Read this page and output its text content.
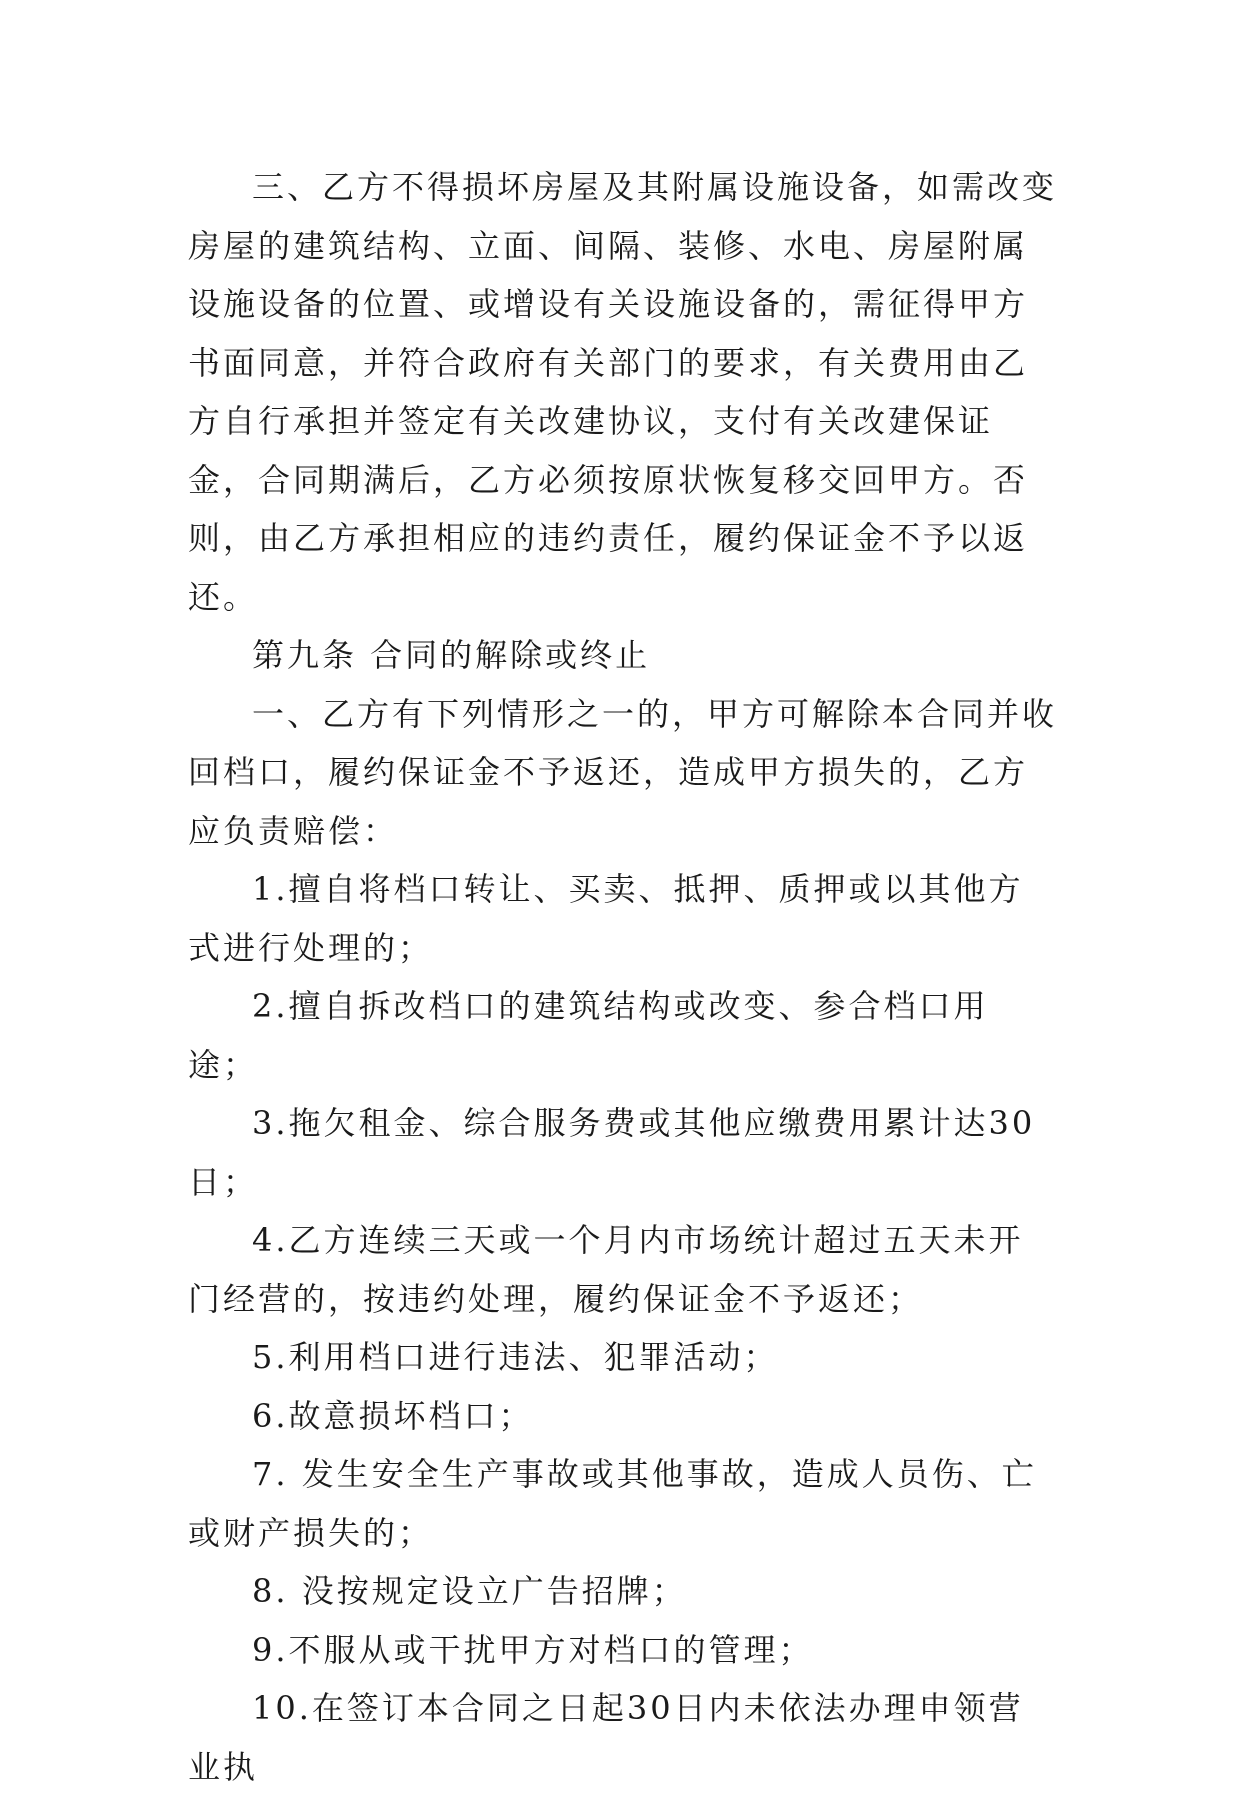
三、乙方不得损坏房屋及其附属设施设备，如需改变房屋的建筑结构、立面、间隔、装修、水电、房屋附属设施设备的位置、或增设有关设施设备的，需征得甲方书面同意，并符合政府有关部门的要求，有关费用由乙方自行承担并签定有关改建协议，支付有关改建保证金，合同期满后，乙方必须按原状恢复移交回甲方。否则，由乙方承担相应的违约责任，履约保证金不予以返还。

第九条 合同的解除或终止

一、乙方有下列情形之一的，甲方可解除本合同并收回档口，履约保证金不予返还，造成甲方损失的，乙方应负责赔偿：

1.擅自将档口转让、买卖、抵押、质押或以其他方式进行处理的；

2.擅自拆改档口的建筑结构或改变、参合档口用途；

3.拖欠租金、综合服务费或其他应缴费用累计达30日；

4.乙方连续三天或一个月内市场统计超过五天未开门经营的，按违约处理，履约保证金不予返还；

5.利用档口进行违法、犯罪活动；

6.故意损坏档口；

7. 发生安全生产事故或其他事故，造成人员伤、亡或财产损失的；

8. 没按规定设立广告招牌；

9.不服从或干扰甲方对档口的管理；

10.在签订本合同之日起30日内未依法办理申领营业执
